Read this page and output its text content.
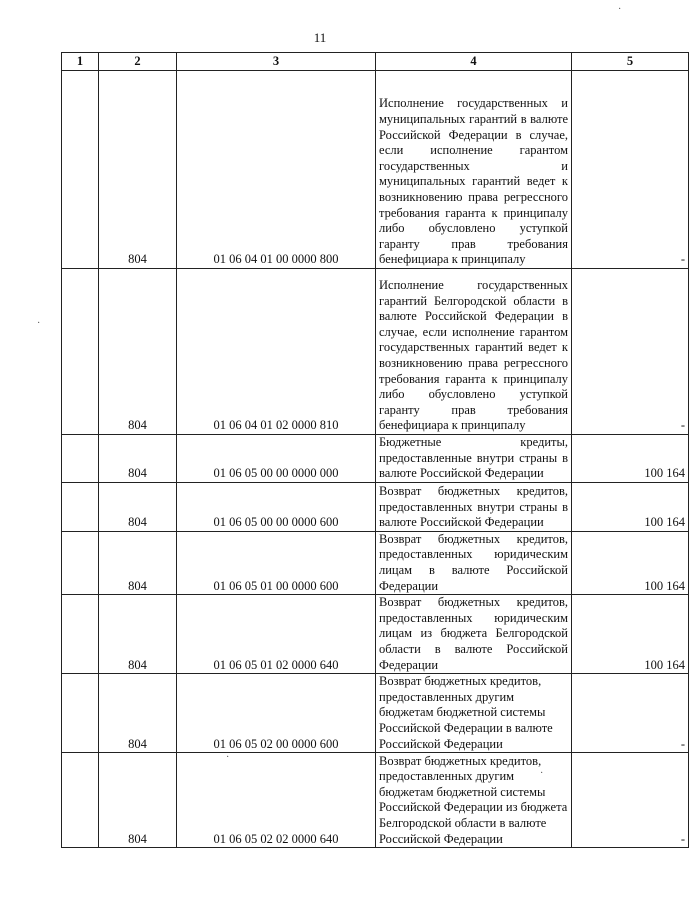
11
1	2	3	4	5
	804	01 06 04 01 00 0000 800	Исполнение государственных и муниципальных гарантий в валюте Российской Федерации в случае, если исполнение гарантом государственных и муниципальных гарантий ведет к возникновению права регрессного требования гаранта к принципалу либо обусловлено уступкой гаранту прав требования бенефициара к принципалу	-
	804	01 06 04 01 02 0000 810	Исполнение государственных гарантий Белгородской области в валюте Российской Федерации в случае, если исполнение гарантом государственных гарантий ведет к возникновению права регрессного требования гаранта к принципалу либо обусловлено уступкой гаранту прав требования бенефициара к принципалу	-
	804	01 06 05 00 00 0000 000	Бюджетные кредиты, предоставленные внутри страны в валюте Российской Федерации	100 164
	804	01 06 05 00 00 0000 600	Возврат бюджетных кредитов, предоставленных внутри страны в валюте Российской Федерации	100 164
	804	01 06 05 01 00 0000 600	Возврат бюджетных кредитов, предоставленных юридическим лицам в валюте Российской Федерации	100 164
	804	01 06 05 01 02 0000 640	Возврат бюджетных кредитов, предоставленных юридическим лицам из бюджета Белгородской области в валюте Российской Федерации	100 164
	804	01 06 05 02 00 0000 600	Возврат бюджетных кредитов, предоставленных другим бюджетам бюджетной системы Российской Федерации в валюте Российской Федерации	-
	804	01 06 05 02 02 0000 640	Возврат бюджетных кредитов, предоставленных другим бюджетам бюджетной системы Российской Федерации из бюджета Белгородской области в валюте Российской Федерации	-
·
·
·
·
